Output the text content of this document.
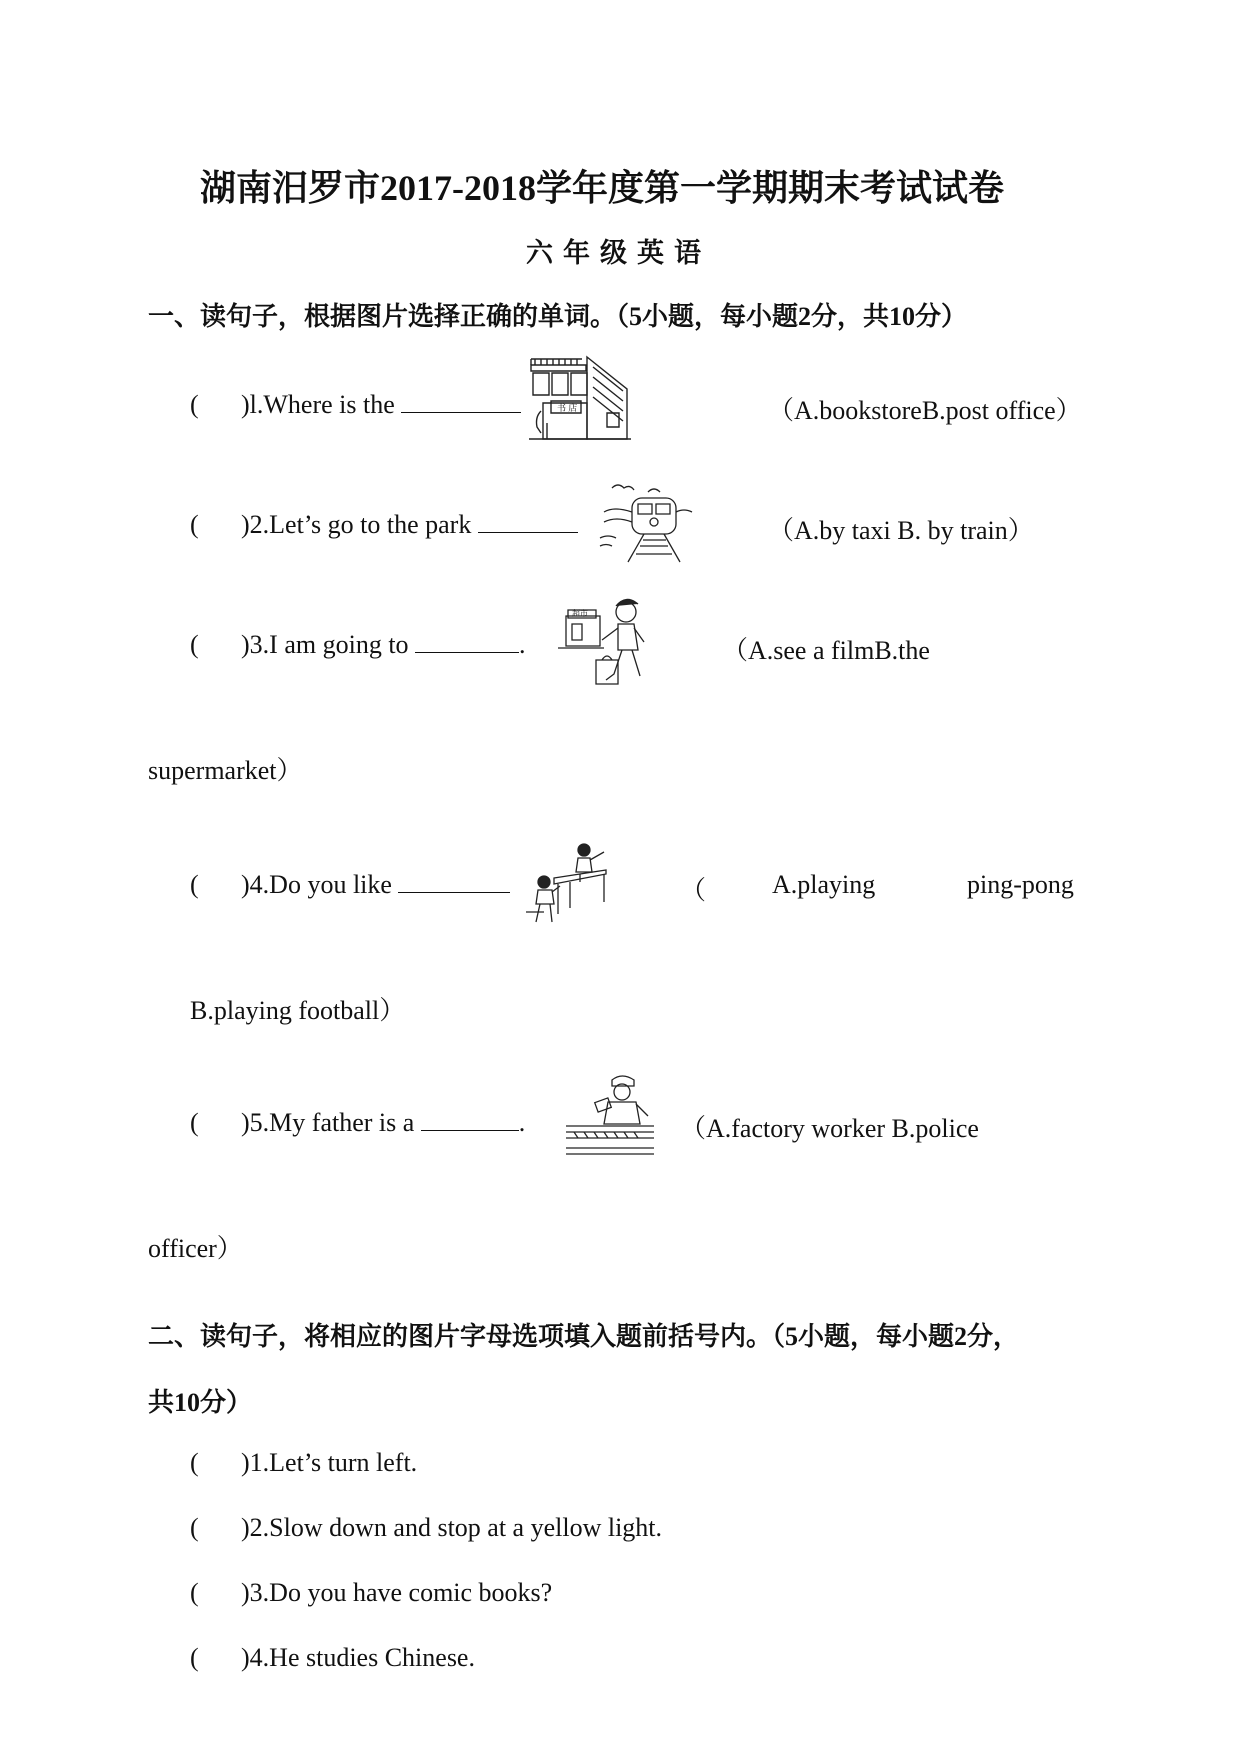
湖南汨罗市2017-2018学年度第一学期期末考试试卷
六年级英语
一、读句子，根据图片选择正确的单词。（5小题，每小题2分，共10分）
( )l.Where is the	书 店	（A.bookstoreB.post office）
( )2.Let’s go to the park	（A.by taxi B. by train）
( )3.I am going to	.
超市
（A.see a filmB.the
supermarket）
( )4.Do you like	（	A.playing	ping-pong
B.playing football）
( )5.My father is a	.	（A.factory worker B.police
officer）
二、读句子，将相应的图片字母选项填入题前括号内。（5小题，每小题2分，
共10分）
( )1.Let’s turn left.
( )2.Slow down and stop at a yellow light.
( )3.Do you have comic books?
( )4.He studies Chinese.
